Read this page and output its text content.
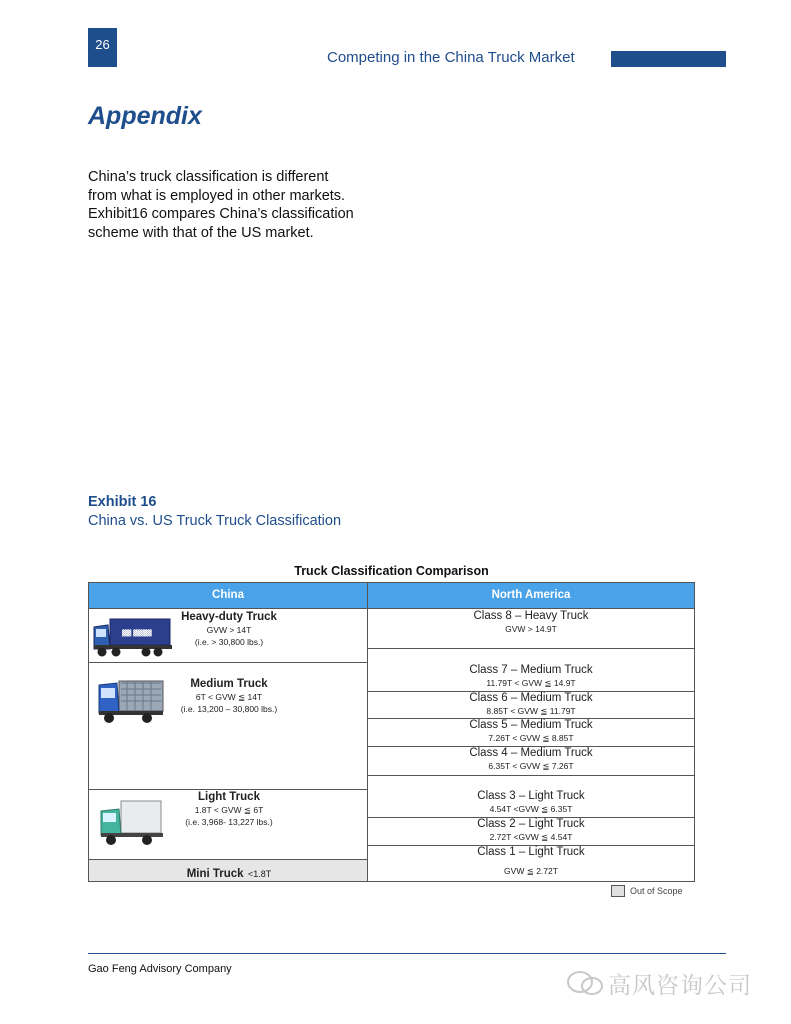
26
Competing in the China Truck Market
Appendix
China’s truck classification is different
from what is employed in other markets.
Exhibit16 compares China’s classification
scheme with that of the US market.
Exhibit 16
China vs. US Truck Truck Classification
Truck Classification Comparison
China	North America
Heavy-duty Truck
GVW > 14T
(i.e. > 30,800 lbs.)
Medium Truck
6T < GVW ≦ 14T
(i.e. 13,200 – 30,800 lbs.)
Light Truck
1.8T < GVW ≦ 6T
(i.e. 3,968- 13,227 lbs.)
Mini Truck <1.8T
▓▓ ▓▓▓▓
Class 8 – Heavy Truck
GVW > 14.9T
Class 7 – Medium Truck
11.79T < GVW ≦ 14.9T
Class 6 – Medium Truck
8.85T < GVW ≦ 11.79T
Class 5 – Medium Truck
7.26T < GVW ≦ 8.85T
Class 4 – Medium Truck
6.35T < GVW ≦ 7.26T
Class 3 – Light Truck
4.54T <GVW ≦ 6.35T
Class 2 – Light Truck
2.72T <GVW ≦ 4.54T
Class 1 – Light Truck
GVW ≦ 2.72T
Out of Scope
Gao Feng Advisory Company
高风咨询公司
